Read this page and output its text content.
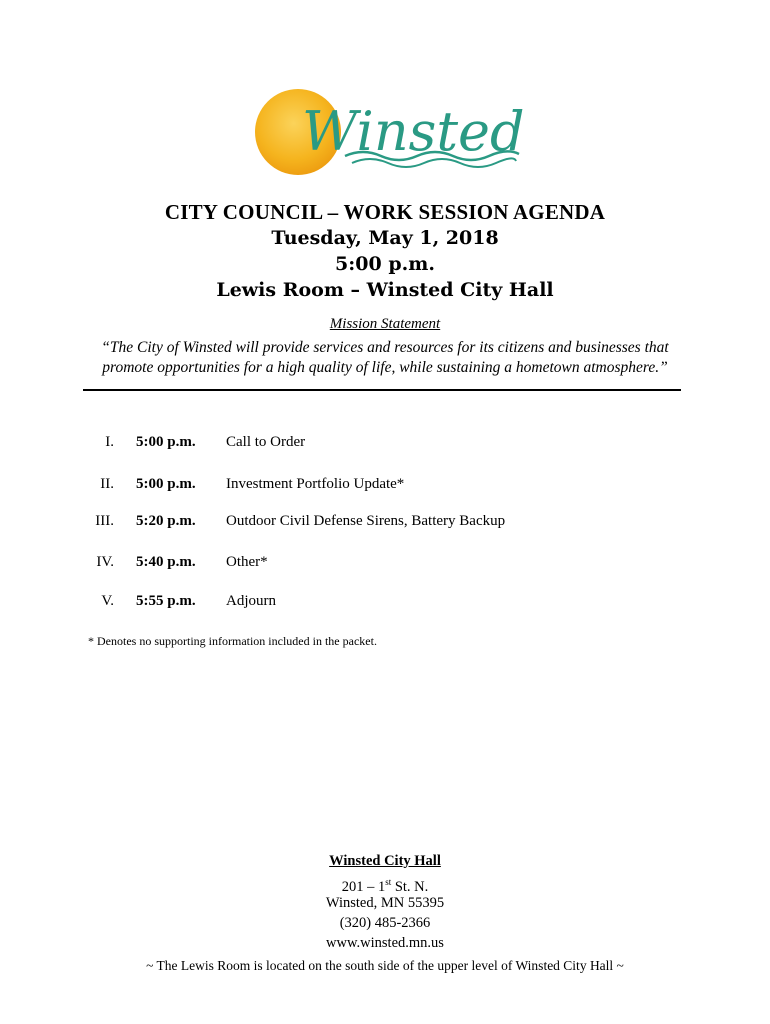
Winsted
CITY COUNCIL – WORK SESSION AGENDA
Tuesday, May 1, 2018
5:00 p.m.
Lewis Room – Winsted City Hall
Mission Statement
“The City of Winsted will provide services and resources for its citizens and businesses that
promote opportunities for a high quality of life, while sustaining a hometown atmosphere.”
I. 5:00 p.m. Call to Order
II. 5:00 p.m. Investment Portfolio Update*
III. 5:20 p.m. Outdoor Civil Defense Sirens, Battery Backup
IV. 5:40 p.m. Other*
V. 5:55 p.m. Adjourn
* Denotes no supporting information included in the packet.
Winsted City Hall
201 – 1st St. N.
Winsted, MN 55395
(320) 485-2366
www.winsted.mn.us
~ The Lewis Room is located on the south side of the upper level of Winsted City Hall ~
